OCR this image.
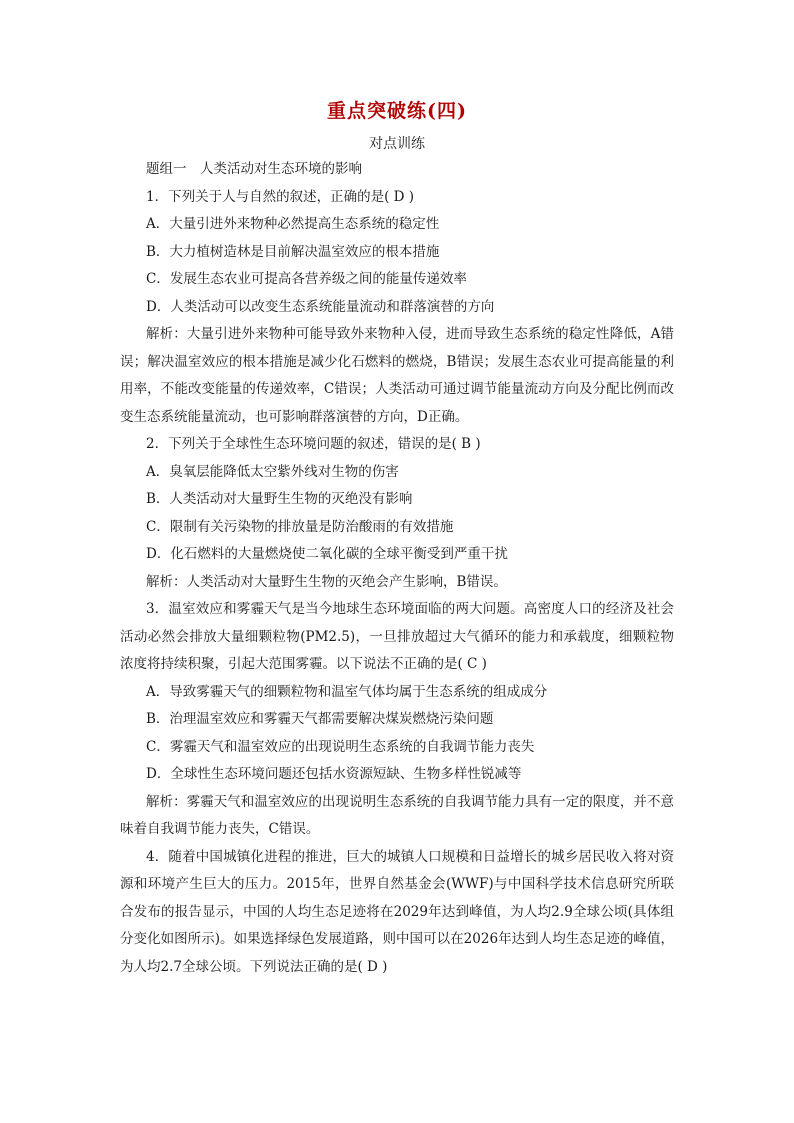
重点突破练(四)
对点训练

题组一　人类活动对生态环境的影响

1．下列关于人与自然的叙述，正确的是( D )

A．大量引进外来物种必然提高生态系统的稳定性

B．大力植树造林是目前解决温室效应的根本措施

C．发展生态农业可提高各营养级之间的能量传递效率

D．人类活动可以改变生态系统能量流动和群落演替的方向

解析：大量引进外来物种可能导致外来物种入侵，进而导致生态系统的稳定性降低，A错误；解决温室效应的根本措施是减少化石燃料的燃烧，B错误；发展生态农业可提高能量的利用率，不能改变能量的传递效率，C错误；人类活动可通过调节能量流动方向及分配比例而改变生态系统能量流动，也可影响群落演替的方向，D正确。

2．下列关于全球性生态环境问题的叙述，错误的是( B )

A．臭氧层能降低太空紫外线对生物的伤害

B．人类活动对大量野生生物的灭绝没有影响

C．限制有关污染物的排放量是防治酸雨的有效措施

D．化石燃料的大量燃烧使二氧化碳的全球平衡受到严重干扰

解析：人类活动对大量野生生物的灭绝会产生影响，B错误。

3．温室效应和雾霾天气是当今地球生态环境面临的两大问题。高密度人口的经济及社会活动必然会排放大量细颗粒物(PM2.5)，一旦排放超过大气循环的能力和承载度，细颗粒物浓度将持续积聚，引起大范围雾霾。以下说法不正确的是( C )

A．导致雾霾天气的细颗粒物和温室气体均属于生态系统的组成成分

B．治理温室效应和雾霾天气都需要解决煤炭燃烧污染问题

C．雾霾天气和温室效应的出现说明生态系统的自我调节能力丧失

D．全球性生态环境问题还包括水资源短缺、生物多样性锐减等

解析：雾霾天气和温室效应的出现说明生态系统的自我调节能力具有一定的限度，并不意味着自我调节能力丧失，C错误。

4．随着中国城镇化进程的推进，巨大的城镇人口规模和日益增长的城乡居民收入将对资源和环境产生巨大的压力。2015年，世界自然基金会(WWF)与中国科学技术信息研究所联合发布的报告显示，中国的人均生态足迹将在2029年达到峰值，为人均2.9全球公顷(具体组分变化如图所示)。如果选择绿色发展道路，则中国可以在2026年达到人均生态足迹的峰值，为人均2.7全球公顷。下列说法正确的是( D )
